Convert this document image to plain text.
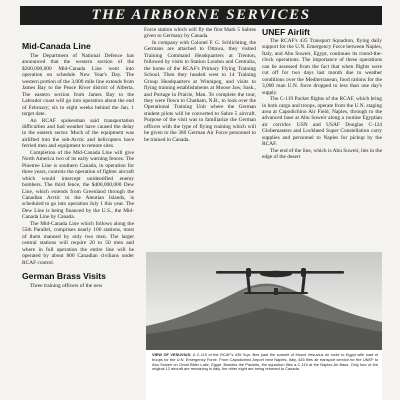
THE AIRBORNE SERVICES
Mid-Canada Line

The Department of National Defence has announced that the western section of the $200,000,000 Mid-Canada Line went into operation on schedule New Year's Day. The western portion of the 3,000 mile line extends from James Bay to the Peace River district of Alberta. The eastern section from James Bay to the Labrador coast will go into operation about the end of February; six to eight weeks behind the Jan. 1 target date.

An RCAF spokesman said transportation difficulties and bad weather have caused the delay in the eastern sector. Much of the equipment was airlifted into the sub-Arctic and helicopters have ferried men and equipment to remote sites.

Completion of the Mid-Canada Line will give North America two of its early warning fences. The Pinetree Line is southern Canada, in operation for three years, controls the operation of fighter aircraft which would intercept unidentified enemy bombers. The third fence, the $400,000,000 Dew Line, which extends from Greenland through the Canadian Arctic to the Aleutian Islands, is scheduled to go into operation July 1 this year. The Dew Line is being financed by the U.S., the Mid-Canada Line by Canada.

The Mid-Canada Line which follows along the 55th Parallel, comprises nearly 100 stations, most of them manned by only two men. The larger central stations will require 20 to 50 men and where in full operation the entire line will be operated by about 800 Canadian civilians under RCAF control.

German Brass Visits

Three training officers of the new

Force station which will fly the first Mark 5 Sabres given to Germany by Canada.

In company with Colonel F. G. Schlichting, the Germans are attached to Ottawa, they visited Training Command Headquarters at Trenton, followed by visits to Station London and Centralia, the home of the RCAF's Primary Flying Training School. Then they headed west to 14 Training Group Headquarters at Winnipeg, and visits to flying training establishments at Moose Jaw, Sask., and Portage la Prairie, Man. To complete the tour, they were flown to Chatham, N.B., to look over the Operational Training Unit where the German student pilots will be converted to Sabre 5 aircraft. Purpose of the visit was to familiarize the German officers with the type of flying training which will be given to the 360 German Air Force personnel to be trained in Canada.

UNEF Airlift

The RCAF's 435 Transport Squadron, flying daily support for the U.N. Emergency Force between Naples, Italy, and Abu Suweir, Egypt, continues its round-the-clock operations. The importance of these operations can be assessed from the fact that when flights were cut off for two days last month due to weather conditions over the Mediterranean, food rations for the 3,000 man U.N. force dropped to less than one day's supply.

The C-119 Packet flights of the RCAF, which bring in both cargo and troops, operate from the U.N. staging area at Capodichino Air Field, Naples, through to the advanced base at Abu Suweir along a routine Egyptian air corridor. USN and USAF Douglas C-124 Globemasters and Lockheed Super Constellation carry supplies and personnel to Naples for pickup by the RCAF.

The end of the line, which is Abu Suweir, lies in the edge of the desert

VIEW OF VESUVIUS: A C-119 of the RCAF's 435 Sqn. flies past the summit of Mount Vesuvius en route to Egypt with load of troops for the U.N. Emergency Force. From Capodichino Airport near Naples, Italy, 435 flies air transport service for the UNEF to Abu Suweir on Great Bitter Lake, Egypt. Besides the Packets, the squadron flies a C-119 at the Naples Air Base. Only four of the original 12 aircraft are remaining in Italy, the other eight are being returned to Canada.
